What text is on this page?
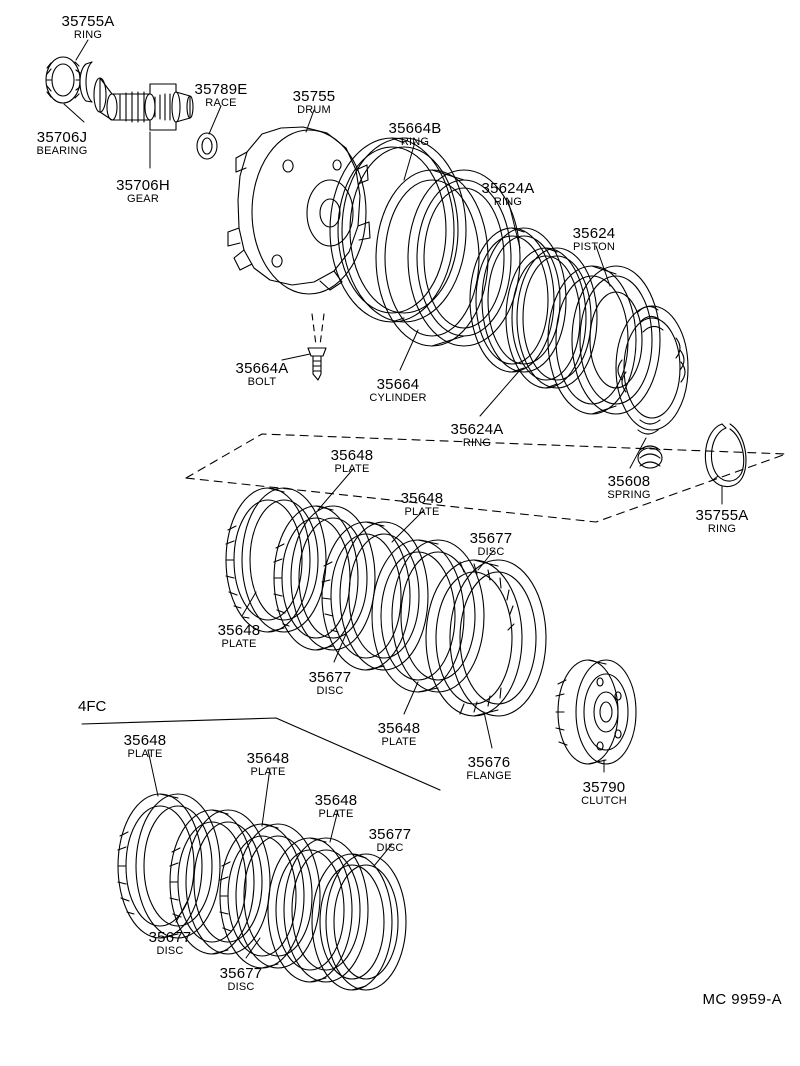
4FC
35755A
RING
35789E
RACE	35755
DRUM
35664B
RING
35706J
BEARING
35706H
GEAR
35624A
RING
35624
PISTON
35664A
BOLT	35664
CYLINDER
35624A
RING
35648
PLATE
35608
SPRING
35648
PLATE	35755A
RING
35677
DISC
35648
PLATE
35677
DISC
35648
PLATE
35676
FLANGE
35790
CLUTCH
35648
PLATE	35648
PLATE
35648
PLATE
35677
DISC
35677
DISC
35677
DISC
MC 9959-A
